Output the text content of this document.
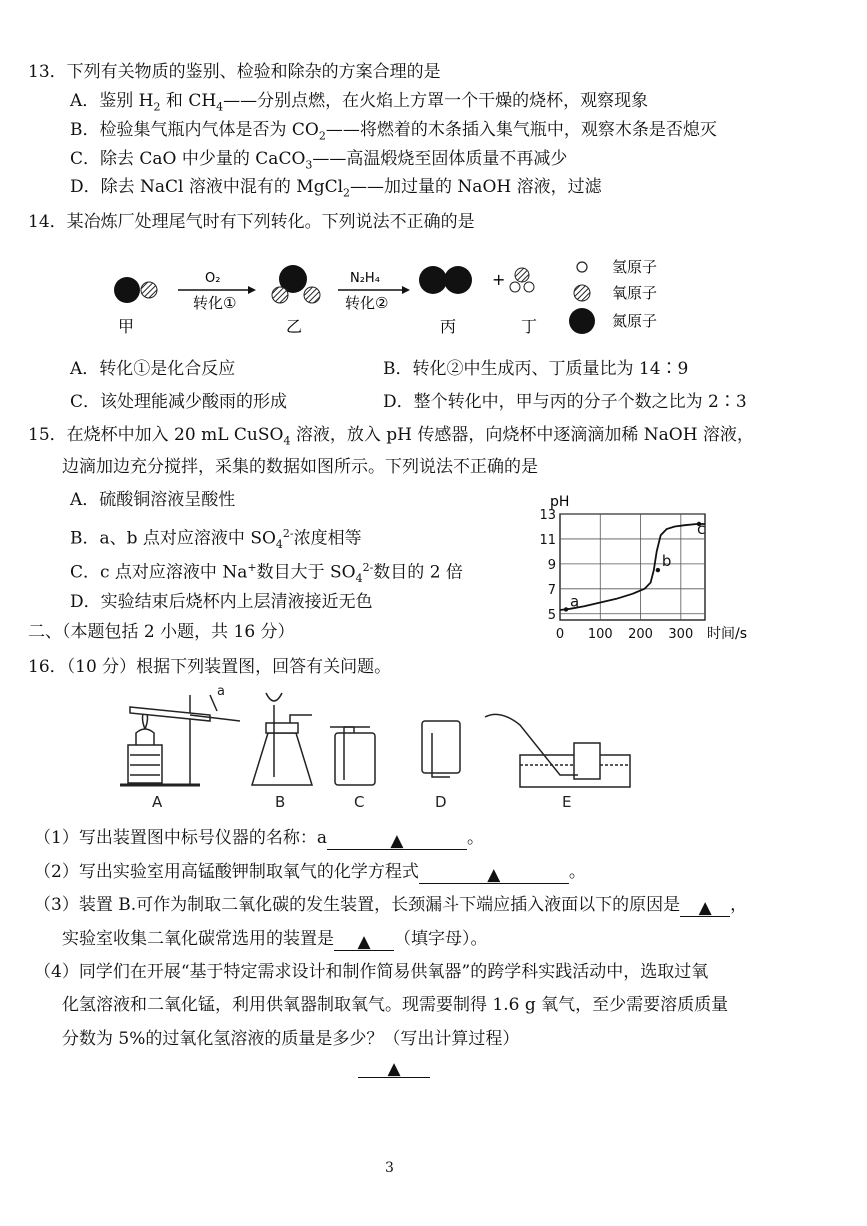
13．下列有关物质的鉴别、检验和除杂的方案合理的是
A．鉴别 $H_2$ 和 $CH_4——$分别点燃，在火焰上方罩一个干燥的烧杯，观察现象
B．检验集气瓶内气体是否为 $CO_2——$将燃着的木条插入集气瓶中，观察木条是否熄灭
C．除去 CaO 中少量的 CaCO$_3$——高温煅烧至固体质量不再减少
D．除去 NaCl 溶液中混有的 MgCl$_2$——加过量的 NaOH 溶液，过滤
14．某冶炼厂处理尾气时有下列转化。下列说法不正确的是
甲
O₂
转化①
乙
N₂H₄
转化②
丙
+
丁
氢原子
氧原子
氮原子
A．转化①是化合反应	B．转化②中生成丙、丁质量比为 14∶9
C．该处理能减少酸雨的形成	D．整个转化中，甲与丙的分子个数之比为 2∶3
15．在烧杯中加入 20 mL CuSO$_4$ 溶液，放入 pH 传感器，向烧杯中逐滴滴加稀 NaOH 溶液，
边滴加边充分搅拌，采集的数据如图所示。下列说法不正确的是
A．硫酸铜溶液呈酸性
B．a、b 点对应溶液中 $SO_4^{2-}$浓度相等
C．c 点对应溶液中 Na+数目大于 $SO_4^{2-}$数目的 2 倍
D．实验结束后烧杯内上层清液接近无色
5
7
9
11
13
0 100 200 300
a
b
c
pH
时间/s
二、（本题包括 2 小题，共 16 分）
16．（10 分）根据下列装置图，回答有关问题。
a
A	B	C	D	E
（1）写出装置图中标号仪器的名称：a	▲	。
（2）写出实验室用高锰酸钾制取氧气的化学方程式	▲	。
（3）装置 B.可作为制取二氧化碳的发生装置，长颈漏斗下端应插入液面以下的原因是 ▲ ，
实验室收集二氧化碳常选用的装置是 ▲ （填字母）。
（4）同学们在开展“基于特定需求设计和制作简易供氧器”的跨学科实践活动中，选取过氧
化氢溶液和二氧化锰，利用供氧器制取氧气。现需要制得 1.6 g 氧气，至少需要溶质质量
分数为 5%的过氧化氢溶液的质量是多少？（写出计算过程）
▲
3
